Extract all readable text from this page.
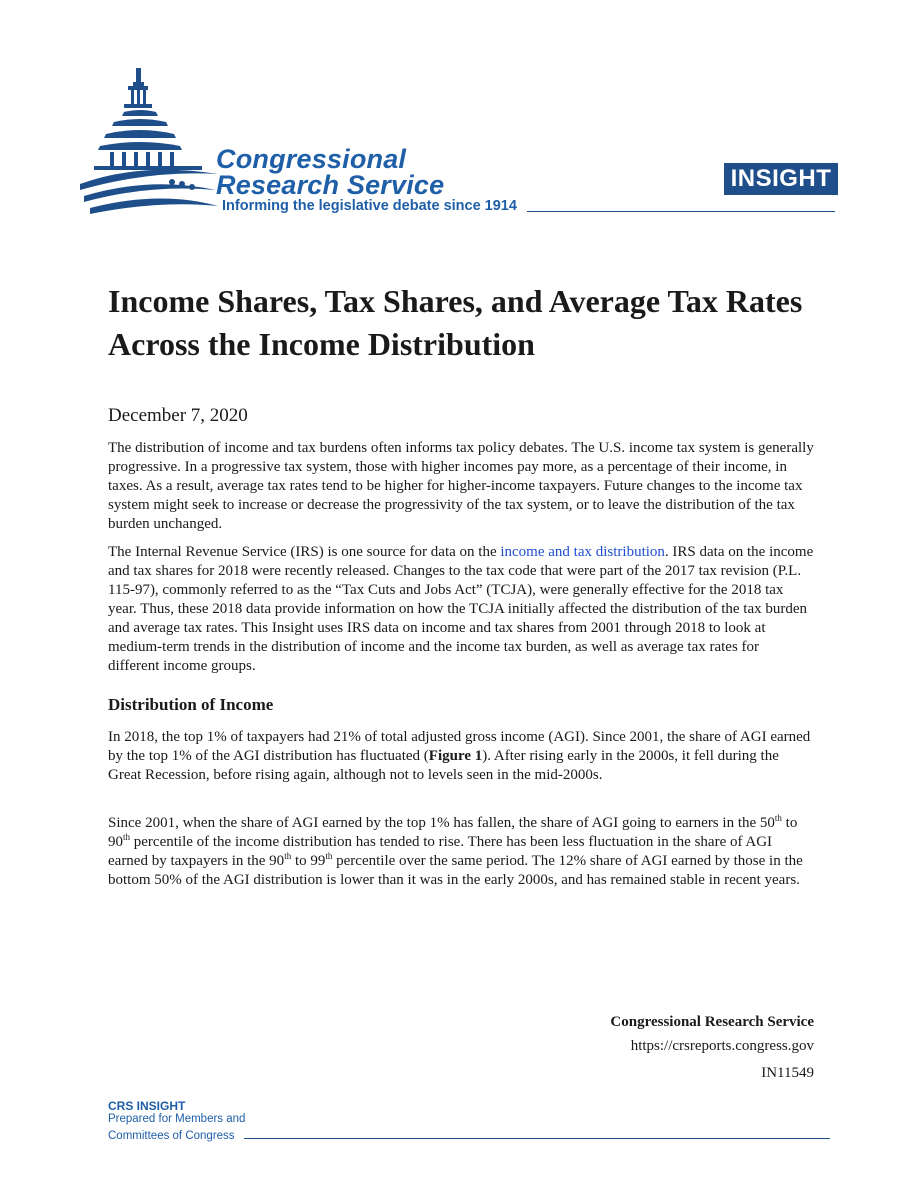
Congressional
Research Service
Informing the legislative debate since 1914
INSIGHT
Income Shares, Tax Shares, and Average Tax Rates Across the Income Distribution

December 7, 2020

The distribution of income and tax burdens often informs tax policy debates. The U.S. income tax system is generally progressive. In a progressive tax system, those with higher incomes pay more, as a percentage of their income, in taxes. As a result, average tax rates tend to be higher for higher-income taxpayers. Future changes to the income tax system might seek to increase or decrease the progressivity of the tax system, or to leave the distribution of the tax burden unchanged.

The Internal Revenue Service (IRS) is one source for data on the income and tax distribution. IRS data on the income and tax shares for 2018 were recently released. Changes to the tax code that were part of the 2017 tax revision (P.L. 115-97), commonly referred to as the “Tax Cuts and Jobs Act” (TCJA), were generally effective for the 2018 tax year. Thus, these 2018 data provide information on how the TCJA initially affected the distribution of the tax burden and average tax rates. This Insight uses IRS data on income and tax shares from 2001 through 2018 to look at medium-term trends in the distribution of income and the income tax burden, as well as average tax rates for different income groups.

Distribution of Income

In 2018, the top 1% of taxpayers had 21% of total adjusted gross income (AGI). Since 2001, the share of AGI earned by the top 1% of the AGI distribution has fluctuated (Figure 1). After rising early in the 2000s, it fell during the Great Recession, before rising again, although not to levels seen in the mid-2000s.

Since 2001, when the share of AGI earned by the top 1% has fallen, the share of AGI going to earners in the 50th to 90th percentile of the income distribution has tended to rise. There has been less fluctuation in the share of AGI earned by taxpayers in the 90th to 99th percentile over the same period. The 12% share of AGI earned by those in the bottom 50% of the AGI distribution is lower than it was in the early 2000s, and has remained stable in recent years.

Congressional Research Service

https://crsreports.congress.gov

IN11549

CRS INSIGHT

Prepared for Members and

Committees of Congress
